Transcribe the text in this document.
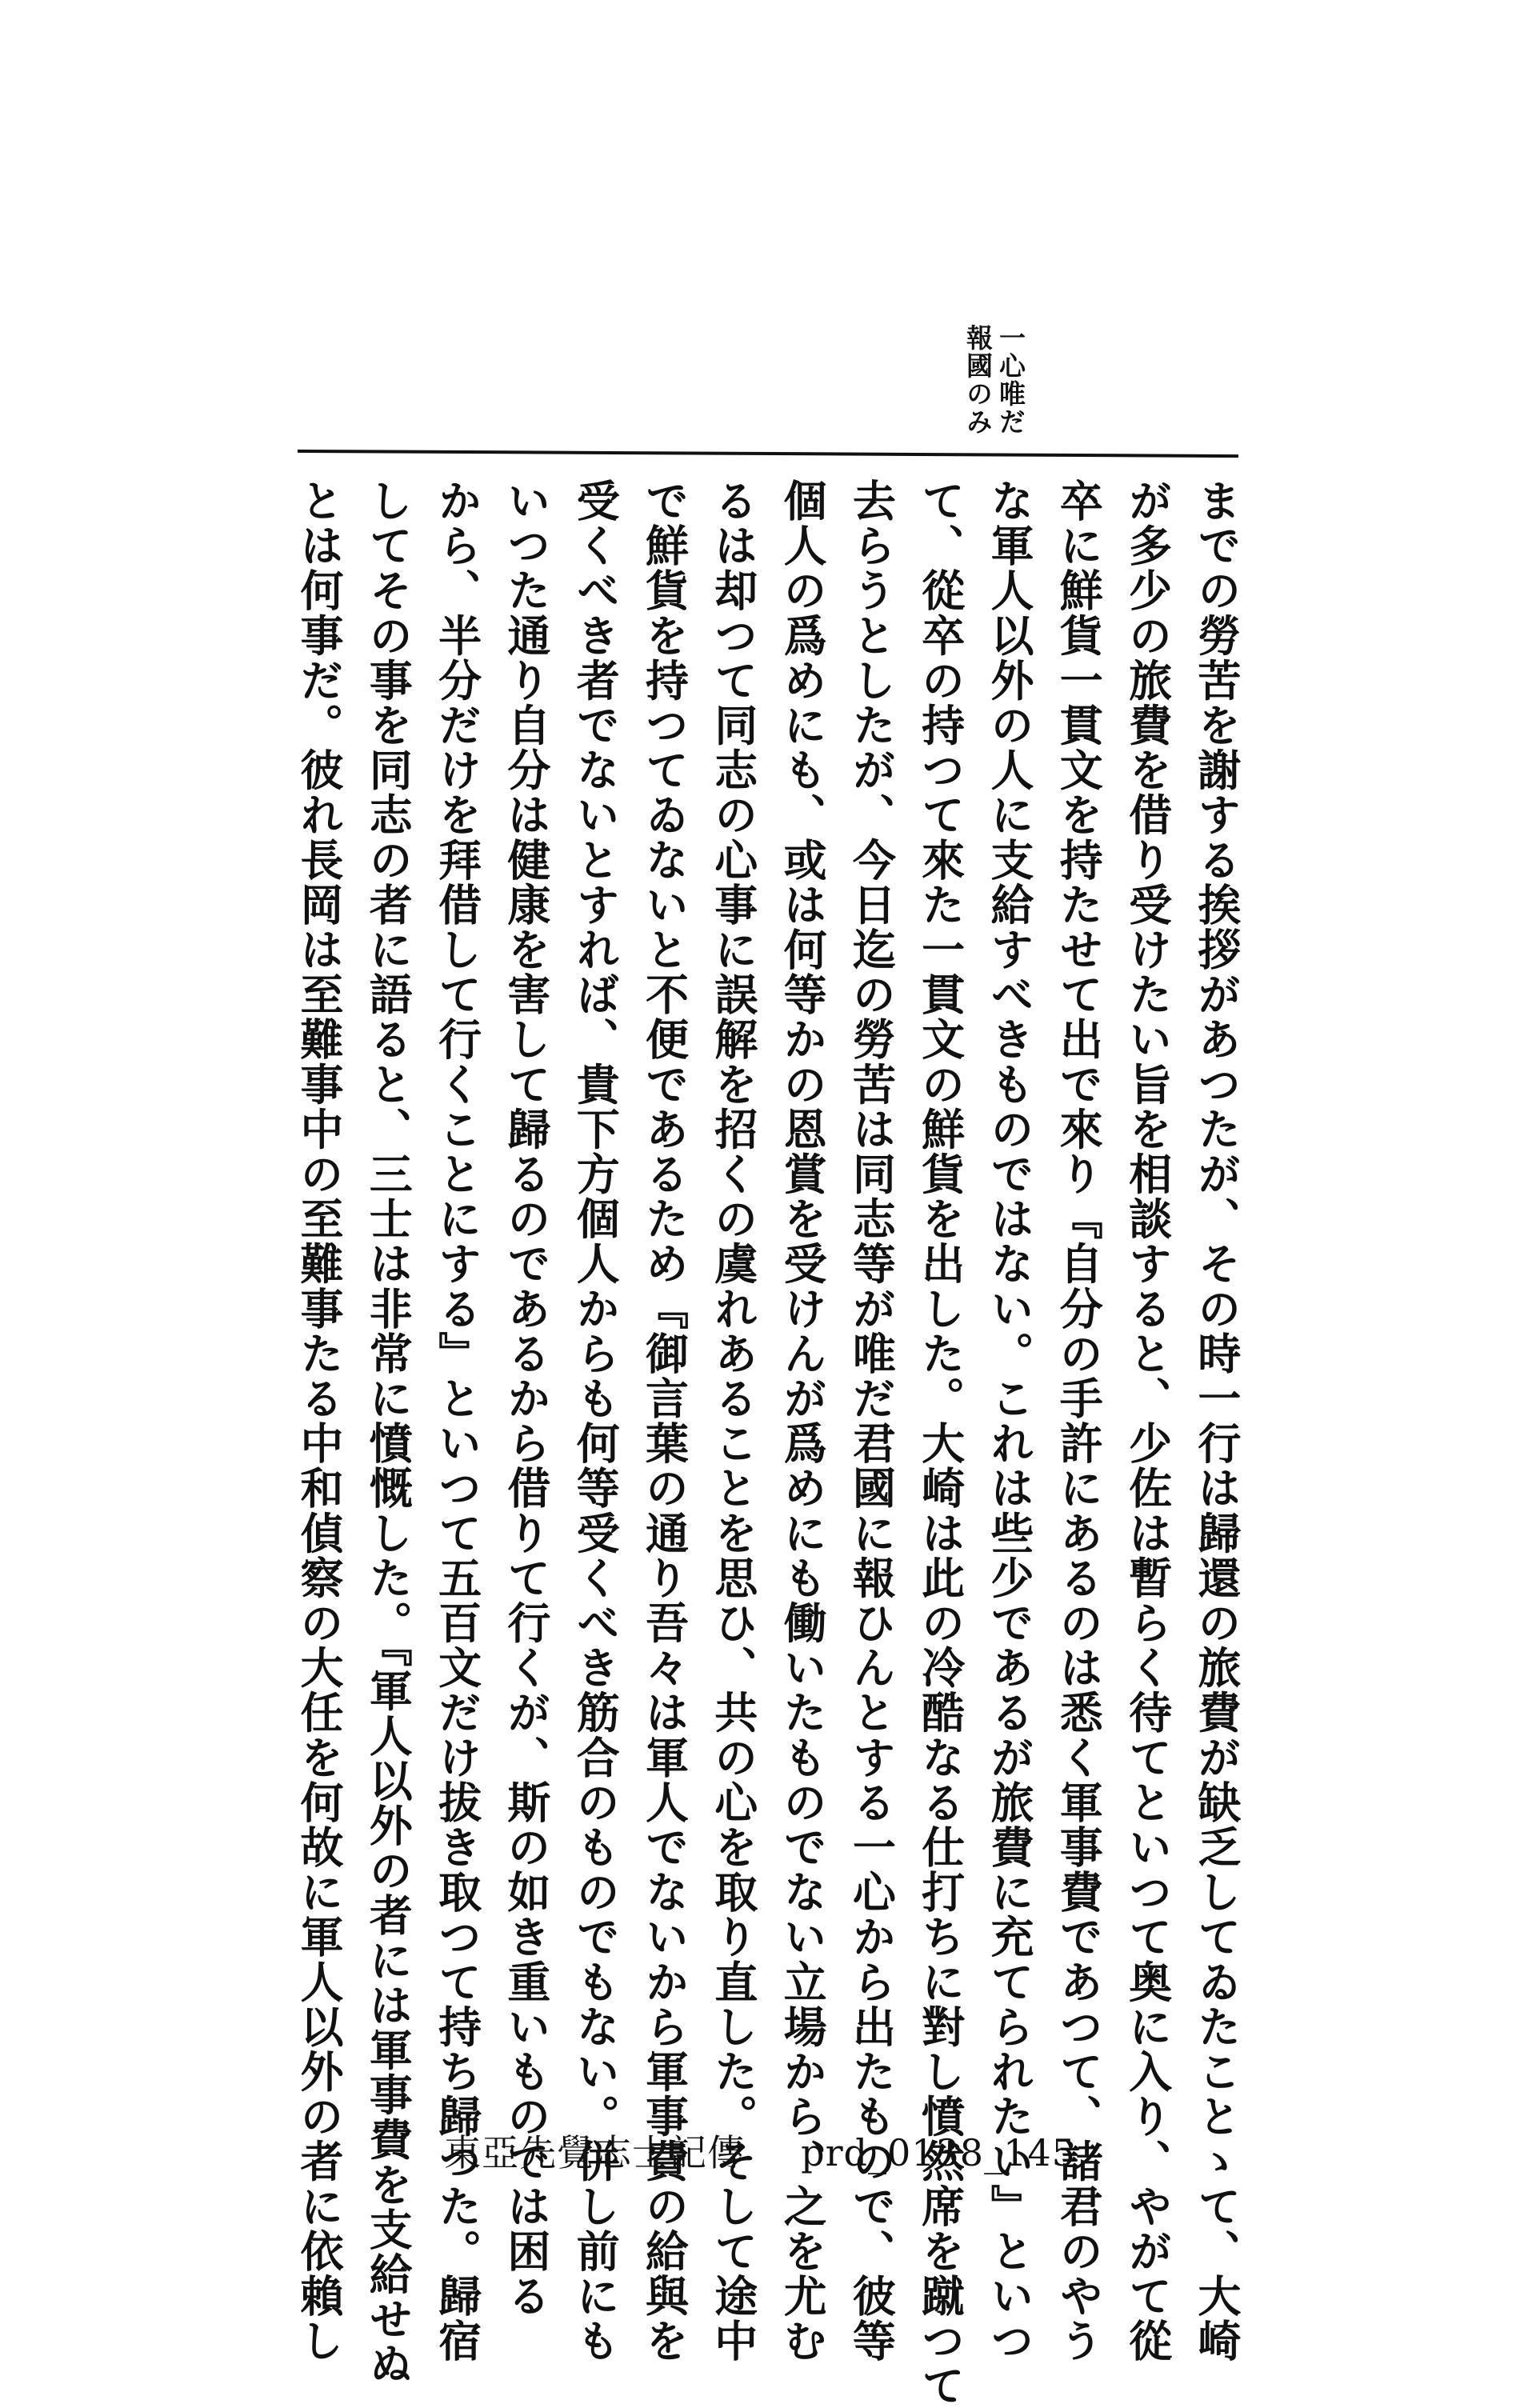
一心唯だ

報國のみ

までの勞苦を謝する挨拶があつたが、その時一行は歸還の旅費が缺乏してゐたことゝて、大崎

が多少の旅費を借り受けたい旨を相談すると、少佐は暫らく待てといつて奥に入り、やがて從

卒に鮮貨一貫文を持たせて出で來り『自分の手許にあるのは悉く軍事費であつて、諸君のやう

な軍人以外の人に支給すべきものではない。これは些少であるが旅費に充てられたい』といつ

て、從卒の持つて來た一貫文の鮮貨を出した。大崎は此の冷酷なる仕打ちに對し憤然席を蹴つて

去らうとしたが、今日迄の勞苦は同志等が唯だ君國に報ひんとする一心から出たもので、彼等

個人の爲めにも、或は何等かの恩賞を受けんが爲めにも働いたものでない立場から、之を尤む

るは却つて同志の心事に誤解を招くの虞れあることを思ひ、共の心を取り直した。そして途中

で鮮貨を持つてゐないと不便であるため『御言葉の通り吾々は軍人でないから軍事費の給與を

受くべき者でないとすれば、貴下方個人からも何等受くべき筋合のものでもない。併し前にも

いつた通り自分は健康を害して歸るのであるから借りて行くが、斯の如き重いものでは困る

から、半分だけを拜借して行くことにする』といつて五百文だけ拔き取つて持ち歸つた。歸宿

してその事を同志の者に語ると、三士は非常に憤慨した。『軍人以外の者には軍事費を支給せぬ

とは何事だ。彼れ長岡は至難事中の至難事たる中和偵察の大任を何故に軍人以外の者に依賴し	東亞先覺志士記傳 prd_0138_145
